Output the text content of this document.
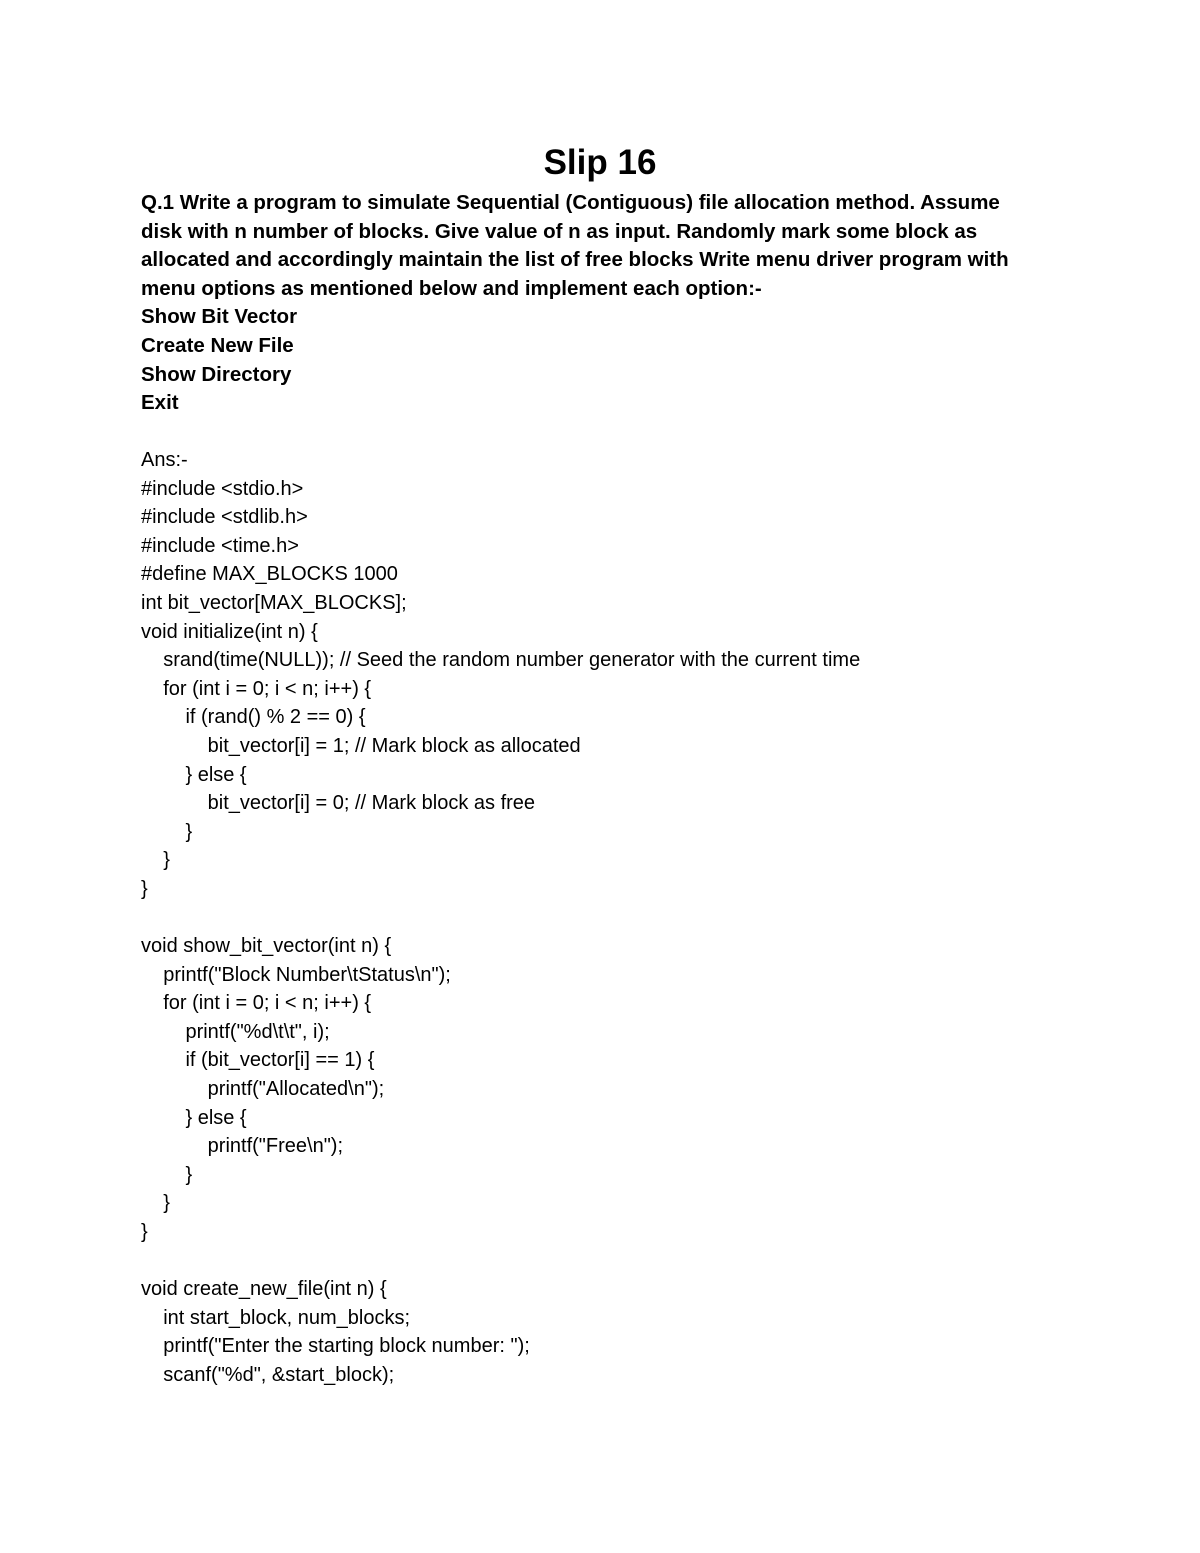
Slip 16
Q.1 Write a program to simulate Sequential (Contiguous) file allocation method. Assume
disk with n number of blocks. Give value of n as input. Randomly mark some block as
allocated and accordingly maintain the list of free blocks Write menu driver program with
menu options as mentioned below and implement each option:-
Show Bit Vector
Create New File
Show Directory
Exit
Ans:-
#include <stdio.h>
#include <stdlib.h>
#include <time.h>
#define MAX_BLOCKS 1000
int bit_vector[MAX_BLOCKS];
void initialize(int n) {
srand(time(NULL)); // Seed the random number generator with the current time
for (int i = 0; i < n; i++) {
if (rand() % 2 == 0) {
bit_vector[i] = 1; // Mark block as allocated
} else {
bit_vector[i] = 0; // Mark block as free
}
}
}
void show_bit_vector(int n) {
printf("Block Number\tStatus\n");
for (int i = 0; i < n; i++) {
printf("%d\t\t", i);
if (bit_vector[i] == 1) {
printf("Allocated\n");
} else {
printf("Free\n");
}
}
}
void create_new_file(int n) {
int start_block, num_blocks;
printf("Enter the starting block number: ");
scanf("%d", &start_block);
